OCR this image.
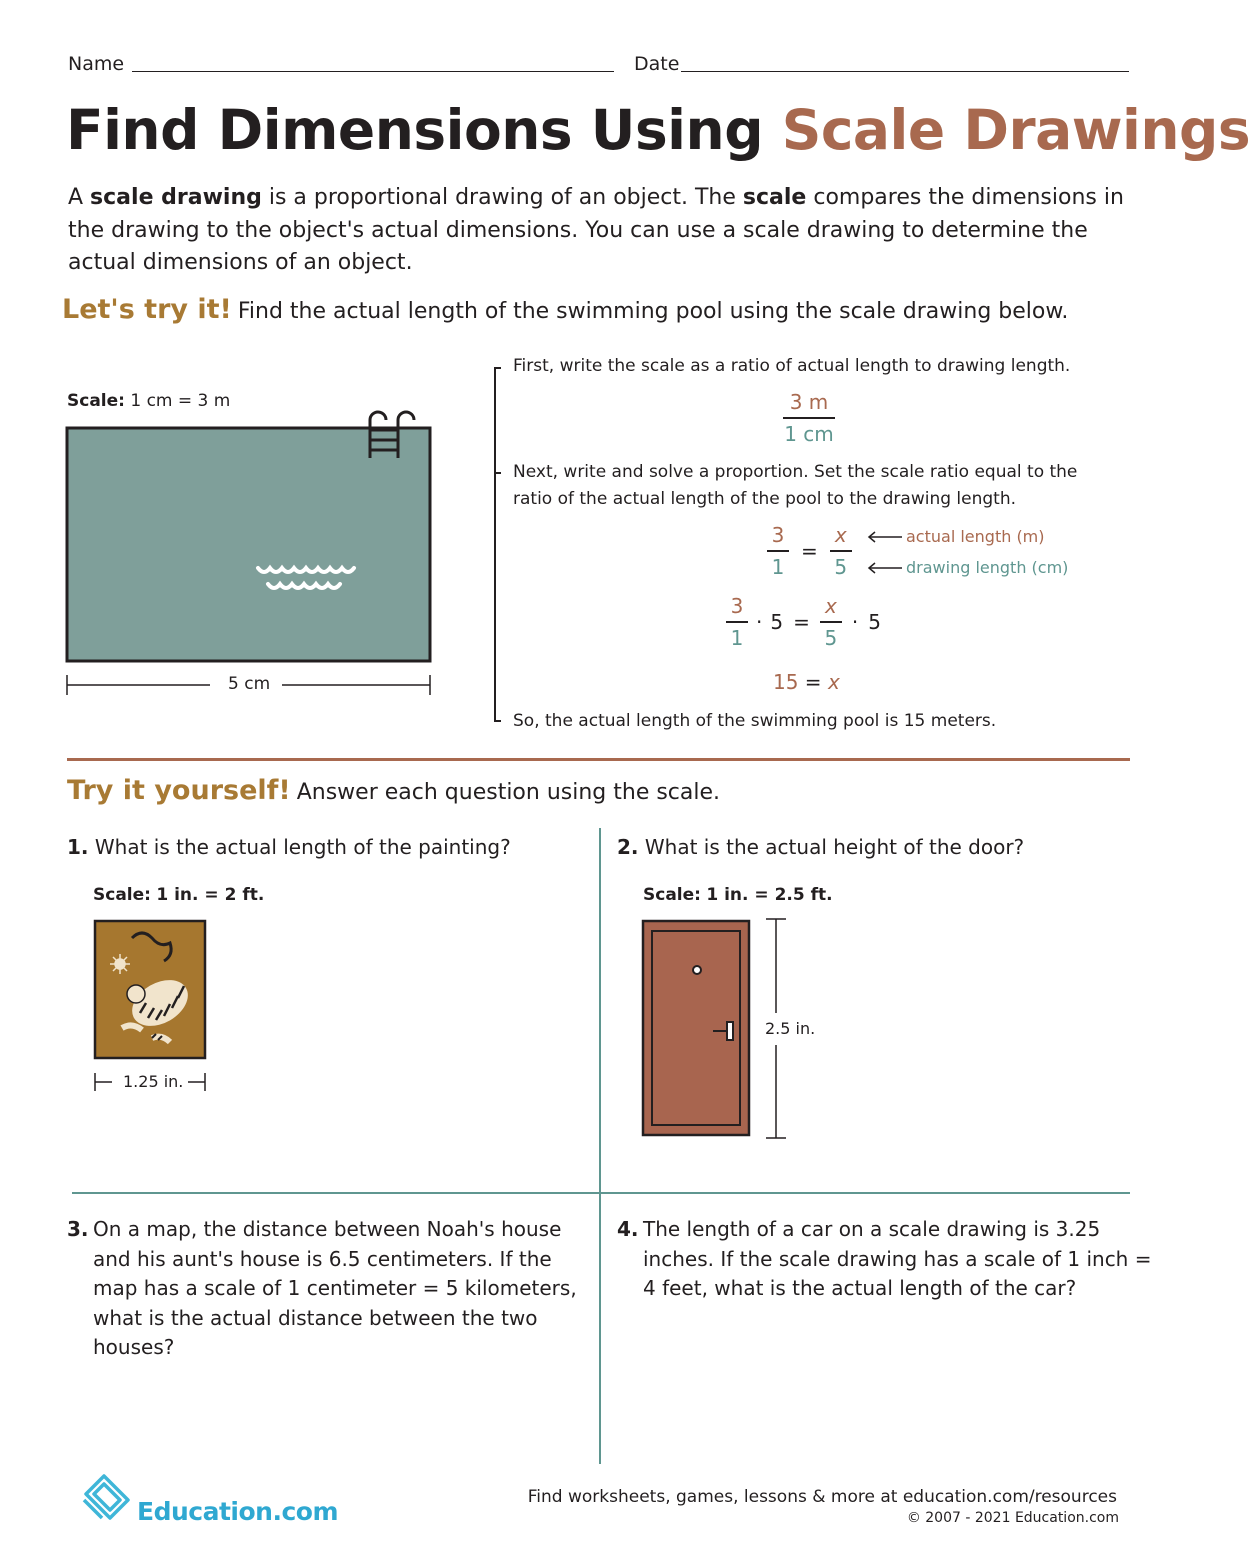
Name	Date
Find Dimensions Using Scale Drawings
A scale drawing is a proportional drawing of an object. The scale compares the dimensions in the drawing to the object's actual dimensions. You can use a scale drawing to determine the actual dimensions of an object.
Let's try it! Find the actual length of the swimming pool using the scale drawing below.
Scale: 1 cm = 3 m
5 cm
First, write the scale as a ratio of actual length to drawing length.
$\frac{3 m}{1 cm}$
Next, write and solve a proportion. Set the scale ratio equal to the ratio of the actual length of the pool to the drawing length.
$\frac{3}{1} = \frac{x}{5}$	actual length (m)
drawing length (cm)
$\frac{3}{1} \cdot 5 = \frac{x}{5} \cdot 5$
15 = x
So, the actual length of the swimming pool is 15 meters.
Try it yourself! Answer each question using the scale.
1. What is the actual length of the painting?
Scale: 1 in. = 2 ft.
1.25 in.
2. What is the actual height of the door?
Scale: 1 in. = 2.5 ft.
2.5 in.
3. On a map, the distance between Noah's house and his aunt's house is 6.5 centimeters. If the map has a scale of 1 centimeter = 5 kilometers, what is the actual distance between the two houses?
4. The length of a car on a scale drawing is 3.25 inches. If the scale drawing has a scale of 1 inch = 4 feet, what is the actual length of the car?
Education.com	Find worksheets, games, lessons & more at education.com/resources
© 2007 - 2021 Education.com
